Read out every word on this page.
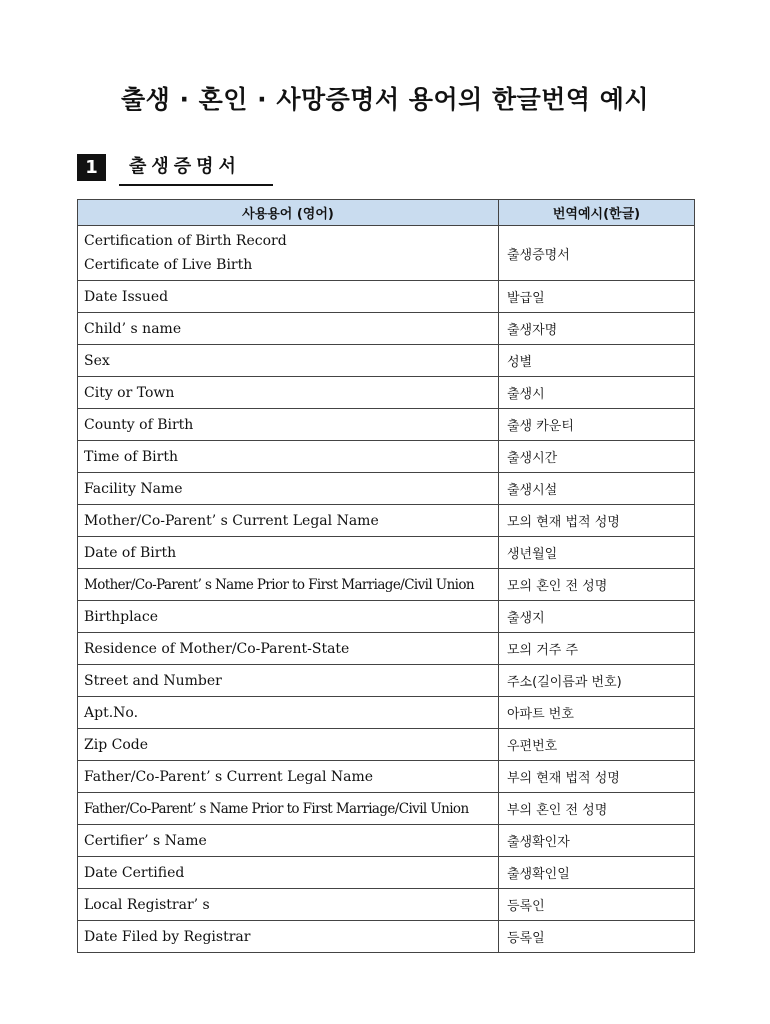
출생 · 혼인 · 사망증명서 용어의 한글번역 예시
1	출생증명서
사용용어 (영어)	번역예시(한글)

Certification of Birth Record
Certificate of Live Birth	출생증명서
Date Issued	발급일
Child’ s name	출생자명
Sex	성별
City or Town	출생시
County of Birth	출생 카운티
Time of Birth	출생시간
Facility Name	출생시설
Mother/Co-Parent’ s Current Legal Name	모의 현재 법적 성명
Date of Birth	생년월일
Mother/Co-Parent’ s Name Prior to First Marriage/Civil Union	모의 혼인 전 성명
Birthplace	출생지
Residence of Mother/Co-Parent-State	모의 거주 주
Street and Number	주소(길이름과 번호)
Apt.No.	아파트 번호
Zip Code	우편번호
Father/Co-Parent’ s Current Legal Name	부의 현재 법적 성명
Father/Co-Parent’ s Name Prior to First Marriage/Civil Union	부의 혼인 전 성명
Certifier’ s Name	출생확인자
Date Certified	출생확인일
Local Registrar’ s	등록인
Date Filed by Registrar	등록일
